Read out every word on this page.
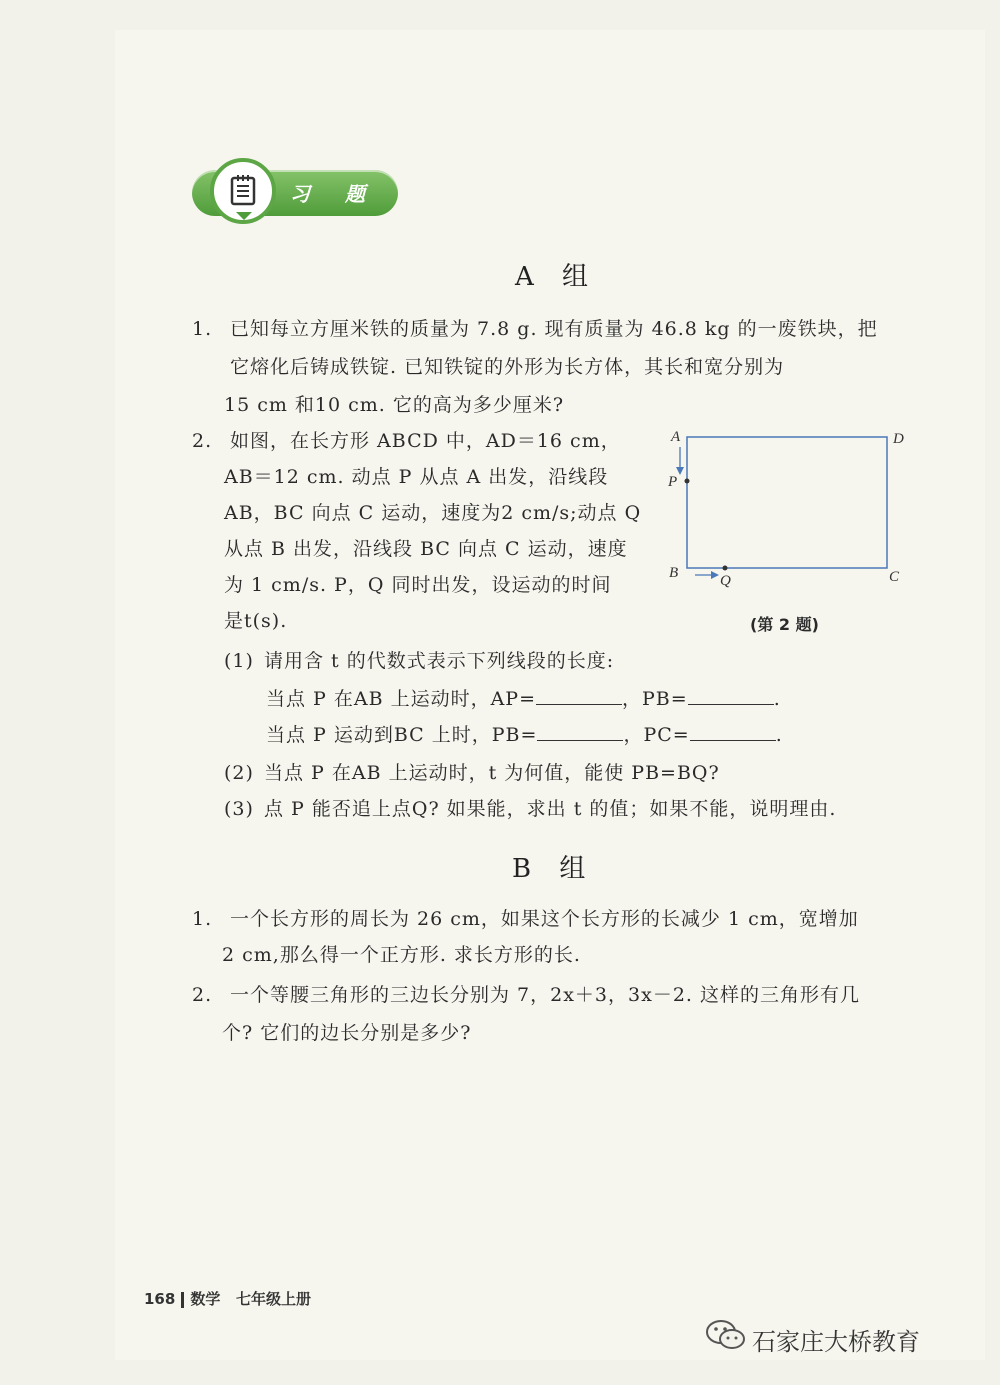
习 题
A 组
1. 已知每立方厘米铁的质量为 7.8 g. 现有质量为 46.8 kg 的一废铁块，把
它熔化后铸成铁锭. 已知铁锭的外形为长方体，其长和宽分别为
15 cm 和10 cm. 它的高为多少厘米?
2. 如图，在长方形 ABCD 中，AD＝16 cm，
AB＝12 cm. 动点 P 从点 A 出发，沿线段
AB，BC 向点 C 运动，速度为2 cm/s;动点 Q
从点 B 出发，沿线段 BC 向点 C 运动，速度
为 1 cm/s. P，Q 同时出发，设运动的时间
是t(s).
A	D
P
B	Q	C
(第 2 题)
(1) 请用含 t 的代数式表示下列线段的长度:
当点 P 在AB 上运动时，AP=	，PB=	.
当点 P 运动到BC 上时，PB=	，PC=	.
(2) 当点 P 在AB 上运动时，t 为何值，能使 PB=BQ?
(3) 点 P 能否追上点Q? 如果能，求出 t 的值；如果不能，说明理由.
B 组
1. 一个长方形的周长为 26 cm，如果这个长方形的长减少 1 cm，宽增加
2 cm,那么得一个正方形. 求长方形的长.
2. 一个等腰三角形的三边长分别为 7，2x＋3，3x－2. 这样的三角形有几
个? 它们的边长分别是多少?
168 数学 七年级上册
石家庄大桥教育
